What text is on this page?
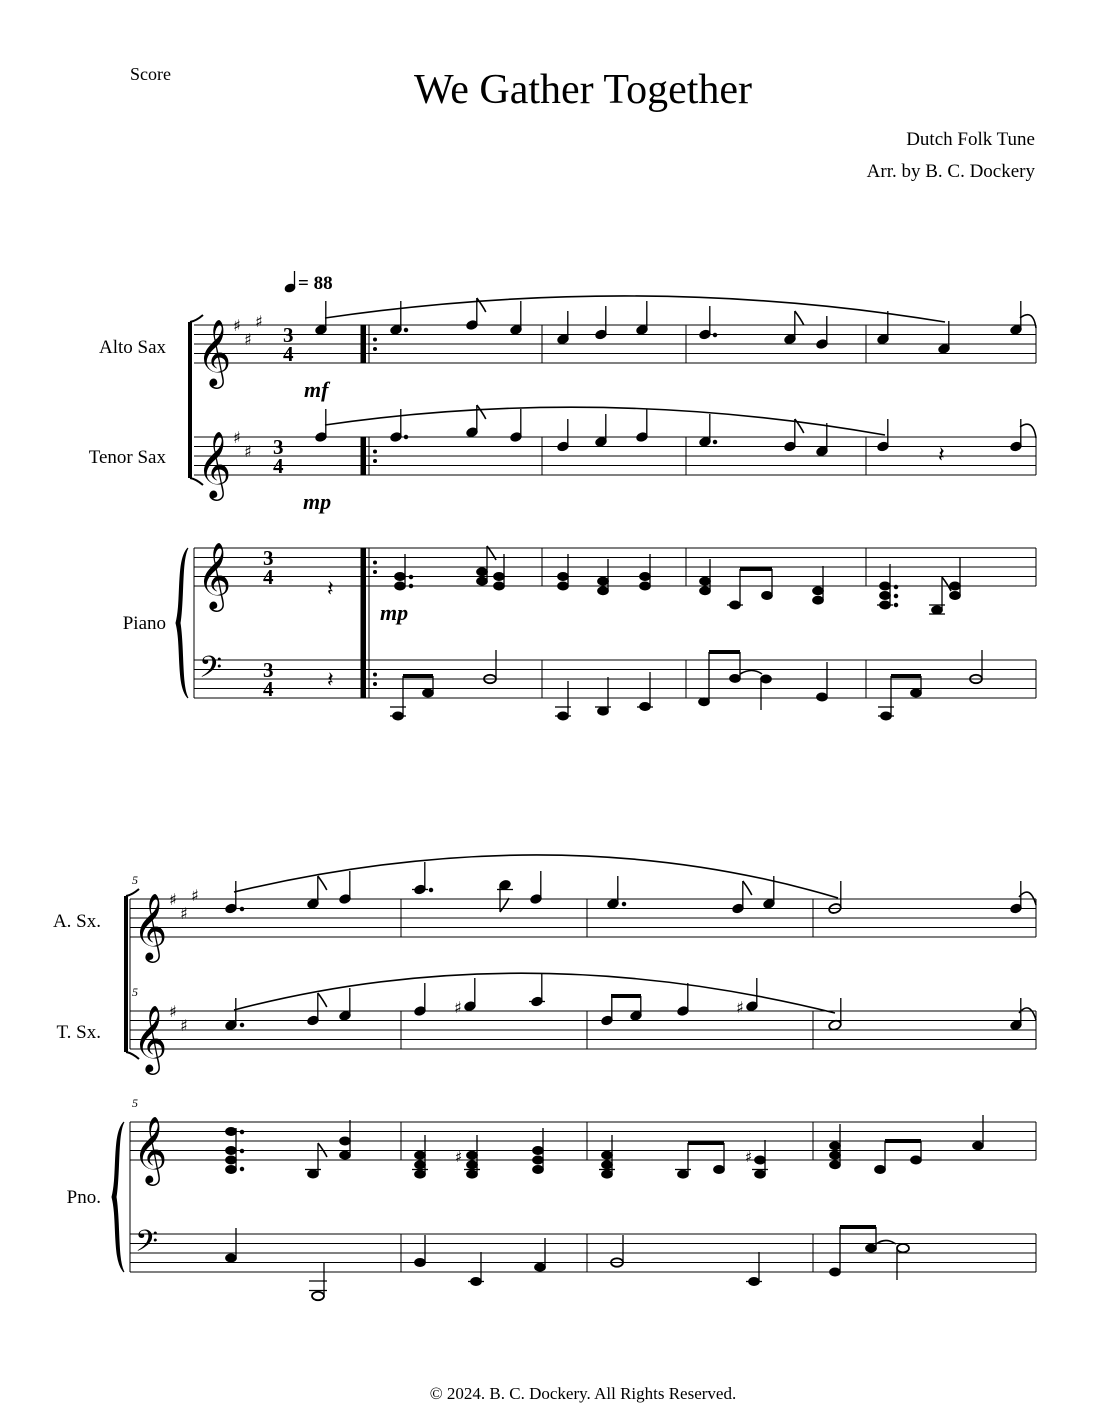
Score	We Gather Together
Dutch Folk Tune
Arr. by B. C. Dockery
= 88
Alto Sax
Tenor Sax
Piano
𝄞
𝄞
𝄞
𝄢
♯
♯
♯
♯
♯
3
4
3
4
3
4
3
4
𝄽
mf
mp
mp
𝄽
𝄽
A. Sx.
T. Sx.
Pno.
5
5
5
𝄞
𝄞
𝄞
𝄢
♯
♯
♯
♯
♯
♯	♯
♯	♯
© 2024. B. C. Dockery. All Rights Reserved.
